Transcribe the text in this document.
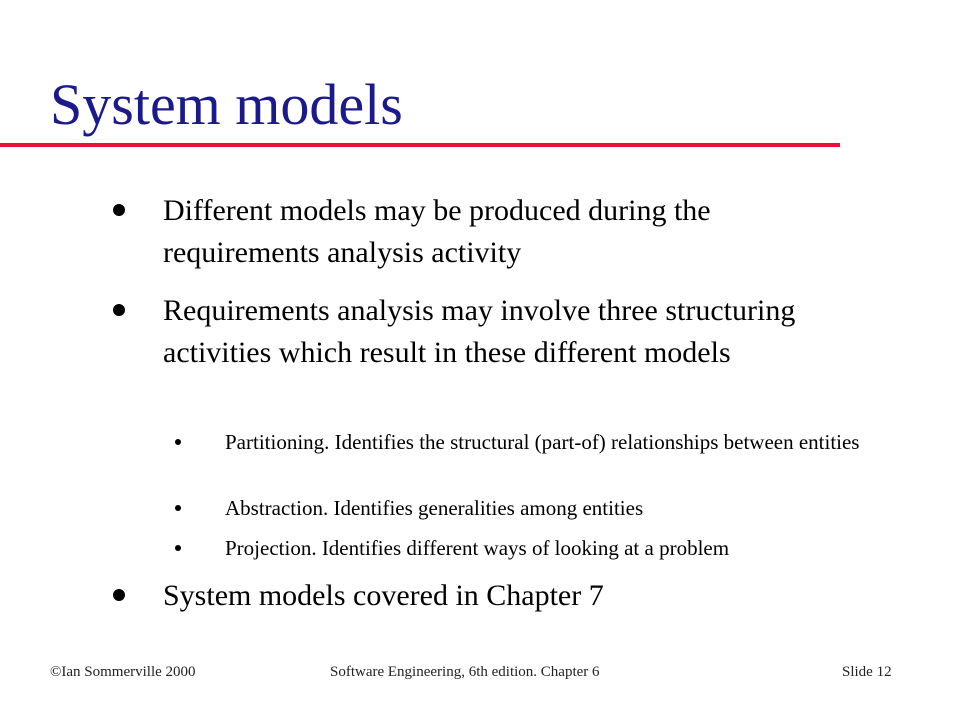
System models
Different models may be produced during the requirements analysis activity
Requirements analysis may involve three structuring activities which result in these different models
Partitioning. Identifies the structural (part-of) relationships between entities
Abstraction. Identifies generalities among entities
Projection. Identifies different ways of looking at a problem
System models covered in Chapter 7
©Ian Sommerville 2000	Software Engineering, 6th edition. Chapter 6	Slide 12
